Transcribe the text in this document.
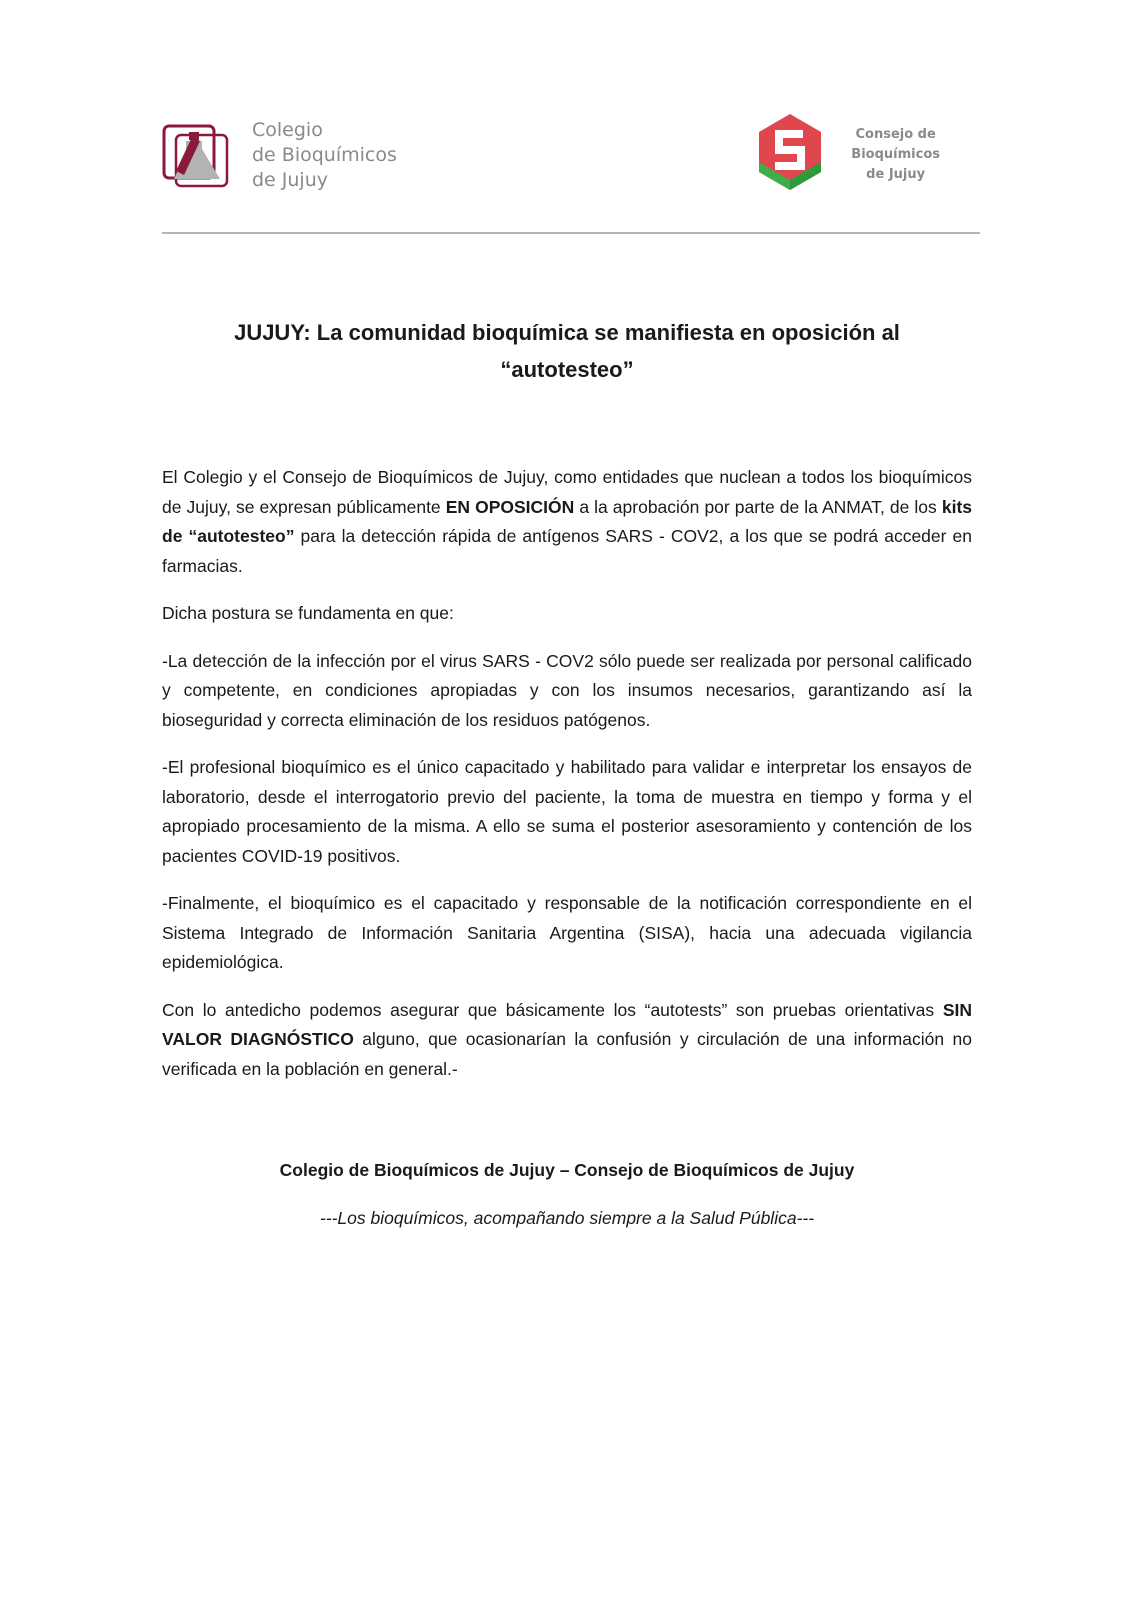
Colegio
de Bioquímicos
de Jujuy
Consejo de
Bioquímicos
de Jujuy
JUJUY: La comunidad bioquímica se manifiesta en oposición al
“autotesteo”

El Colegio y el Consejo de Bioquímicos de Jujuy, como entidades que nuclean a todos los bioquímicos de Jujuy, se expresan públicamente EN OPOSICIÓN a la aprobación por parte de la ANMAT, de los kits de “autotesteo” para la detección rápida de antígenos SARS - COV2, a los que se podrá acceder en farmacias.

Dicha postura se fundamenta en que:

-La detección de la infección por el virus SARS - COV2 sólo puede ser realizada por personal calificado y competente, en condiciones apropiadas y con los insumos necesarios, garantizando así la bioseguridad y correcta eliminación de los residuos patógenos.

-El profesional bioquímico es el único capacitado y habilitado para validar e interpretar los ensayos de laboratorio, desde el interrogatorio previo del paciente, la toma de muestra en tiempo y forma y el apropiado procesamiento de la misma. A ello se suma el posterior asesoramiento y contención de los pacientes COVID-19 positivos.

-Finalmente, el bioquímico es el capacitado y responsable de la notificación correspondiente en el Sistema Integrado de Información Sanitaria Argentina (SISA), hacia una adecuada vigilancia epidemiológica.

Con lo antedicho podemos asegurar que básicamente los “autotests” son pruebas orientativas SIN VALOR DIAGNÓSTICO alguno, que ocasionarían la confusión y circulación de una información no verificada en la población en general.-

Colegio de Bioquímicos de Jujuy – Consejo de Bioquímicos de Jujuy

---Los bioquímicos, acompañando siempre a la Salud Pública---
